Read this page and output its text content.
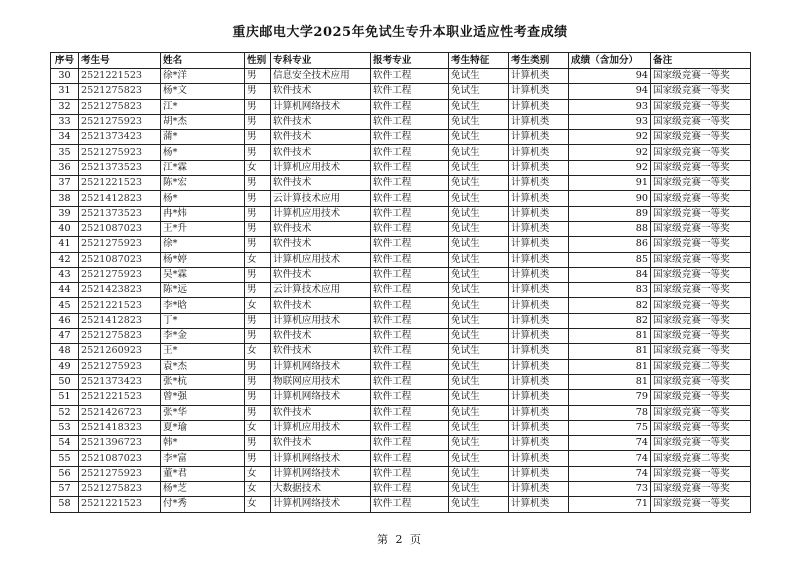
重庆邮电大学2025年免试生专升本职业适应性考查成绩
序号	考生号	姓名	性别	专科专业	报考专业	考生特征	考生类别	成绩（含加分）	备注
30	2521221523	徐*洋	男	信息安全技术应用	软件工程	免试生	计算机类	94	国家级竞赛一等奖
31	2521275823	杨*文	男	软件技术	软件工程	免试生	计算机类	94	国家级竞赛一等奖
32	2521275823	江*	男	计算机网络技术	软件工程	免试生	计算机类	93	国家级竞赛一等奖
33	2521275923	胡*杰	男	软件技术	软件工程	免试生	计算机类	93	国家级竞赛一等奖
34	2521373423	蒲*	男	软件技术	软件工程	免试生	计算机类	92	国家级竞赛一等奖
35	2521275923	杨*	男	软件技术	软件工程	免试生	计算机类	92	国家级竞赛一等奖
36	2521373523	江*霖	女	计算机应用技术	软件工程	免试生	计算机类	92	国家级竞赛一等奖
37	2521221523	陈*宏	男	软件技术	软件工程	免试生	计算机类	91	国家级竞赛一等奖
38	2521412823	杨*	男	云计算技术应用	软件工程	免试生	计算机类	90	国家级竞赛一等奖
39	2521373523	冉*炜	男	计算机应用技术	软件工程	免试生	计算机类	89	国家级竞赛一等奖
40	2521087023	王*升	男	软件技术	软件工程	免试生	计算机类	88	国家级竞赛一等奖
41	2521275923	徐*	男	软件技术	软件工程	免试生	计算机类	86	国家级竞赛一等奖
42	2521087023	杨*婷	女	计算机应用技术	软件工程	免试生	计算机类	85	国家级竞赛一等奖
43	2521275923	吴*霖	男	软件技术	软件工程	免试生	计算机类	84	国家级竞赛一等奖
44	2521423823	陈*远	男	云计算技术应用	软件工程	免试生	计算机类	83	国家级竞赛一等奖
45	2521221523	李*晗	女	软件技术	软件工程	免试生	计算机类	82	国家级竞赛一等奖
46	2521412823	丁*	男	计算机应用技术	软件工程	免试生	计算机类	82	国家级竞赛一等奖
47	2521275823	李*金	男	软件技术	软件工程	免试生	计算机类	81	国家级竞赛一等奖
48	2521260923	王*	女	软件技术	软件工程	免试生	计算机类	81	国家级竞赛一等奖
49	2521275923	袁*杰	男	计算机网络技术	软件工程	免试生	计算机类	81	国家级竞赛二等奖
50	2521373423	张*杭	男	物联网应用技术	软件工程	免试生	计算机类	81	国家级竞赛一等奖
51	2521221523	曾*强	男	计算机网络技术	软件工程	免试生	计算机类	79	国家级竞赛一等奖
52	2521426723	张*华	男	软件技术	软件工程	免试生	计算机类	78	国家级竞赛一等奖
53	2521418323	夏*瑜	女	计算机应用技术	软件工程	免试生	计算机类	75	国家级竞赛一等奖
54	2521396723	韩*	男	软件技术	软件工程	免试生	计算机类	74	国家级竞赛一等奖
55	2521087023	李*富	男	计算机网络技术	软件工程	免试生	计算机类	74	国家级竞赛二等奖
56	2521275923	董*君	女	计算机网络技术	软件工程	免试生	计算机类	74	国家级竞赛一等奖
57	2521275823	杨*芝	女	大数据技术	软件工程	免试生	计算机类	73	国家级竞赛一等奖
58	2521221523	付*秀	女	计算机网络技术	软件工程	免试生	计算机类	71	国家级竞赛一等奖
第 2 页
